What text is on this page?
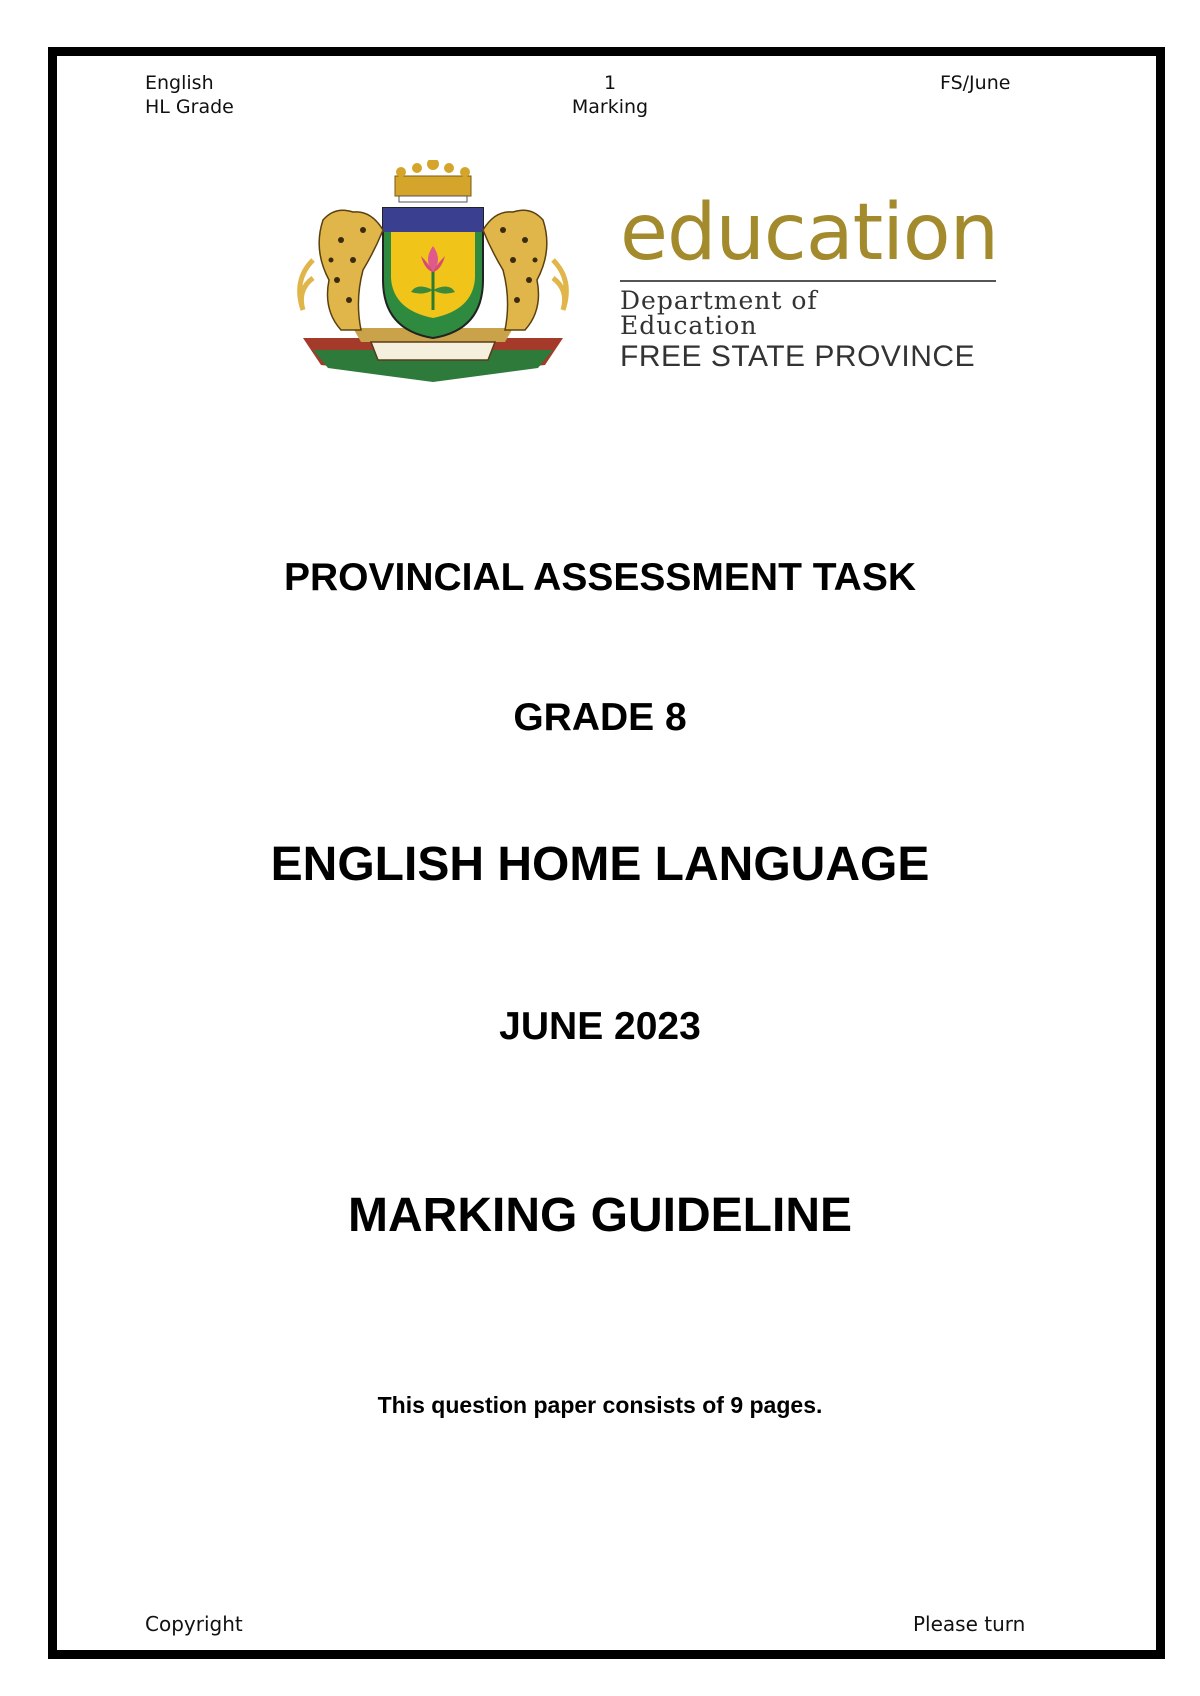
English
HL Grade
1
Marking
FS/June
education
Department of
Education
FREE STATE PROVINCE
PROVINCIAL ASSESSMENT TASK
GRADE 8
ENGLISH HOME LANGUAGE
JUNE 2023
MARKING GUIDELINE
This question paper consists of 9 pages.
Copyright	Please turn
